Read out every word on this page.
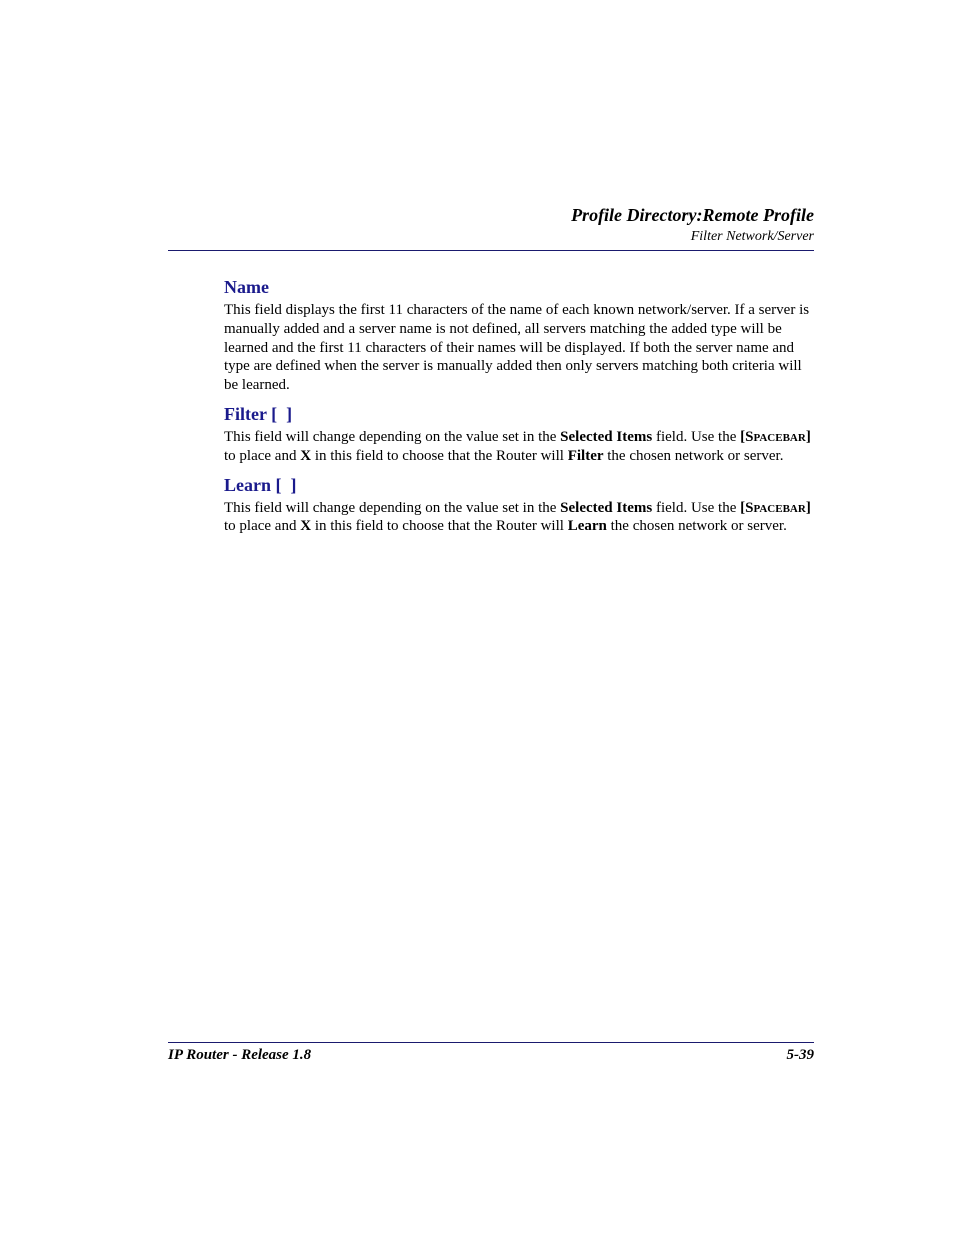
Profile Directory:Remote Profile
Filter Network/Server
Name

This field displays the first 11 characters of the name of each known network/server. If a server is manually added and a server name is not defined, all servers matching the added type will be learned and the first 11 characters of their names will be displayed. If both the server name and type are defined when the server is manually added then only servers matching both criteria will be learned.

Filter [  ]

This field will change depending on the value set in the Selected Items field. Use the [Spacebar] to place and X in this field to choose that the Router will Filter the chosen network or server.

Learn [  ]

This field will change depending on the value set in the Selected Items field. Use the [Spacebar] to place and X in this field to choose that the Router will Learn the chosen network or server.

IP Router - Release 1.8	5-39
